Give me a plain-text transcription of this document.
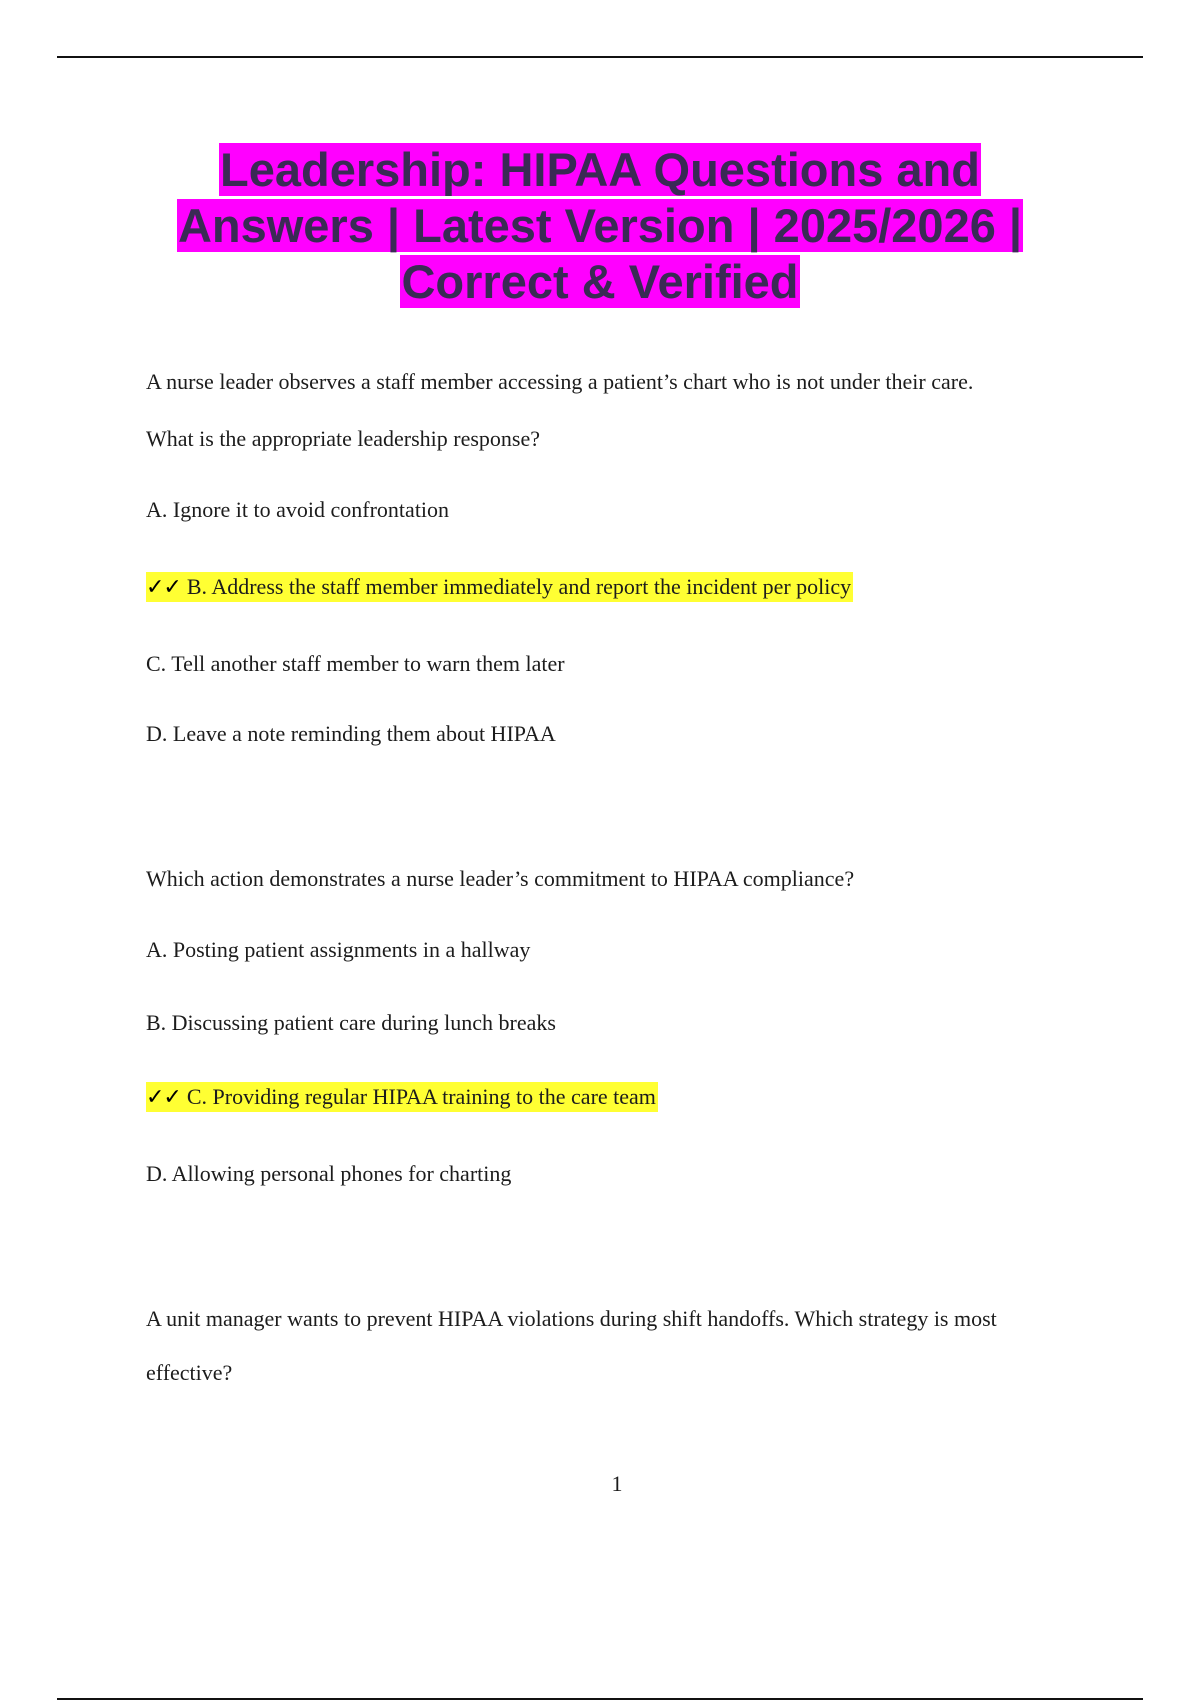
Leadership: HIPAA Questions and
Answers | Latest Version | 2025/2026 |
Correct & Verified
A nurse leader observes a staff member accessing a patient’s chart who is not under their care.
What is the appropriate leadership response?
A. Ignore it to avoid confrontation
✓✓ B. Address the staff member immediately and report the incident per policy
C. Tell another staff member to warn them later
D. Leave a note reminding them about HIPAA
Which action demonstrates a nurse leader’s commitment to HIPAA compliance?
A. Posting patient assignments in a hallway
B. Discussing patient care during lunch breaks
✓✓ C. Providing regular HIPAA training to the care team
D. Allowing personal phones for charting
A unit manager wants to prevent HIPAA violations during shift handoffs. Which strategy is most
effective?
1
